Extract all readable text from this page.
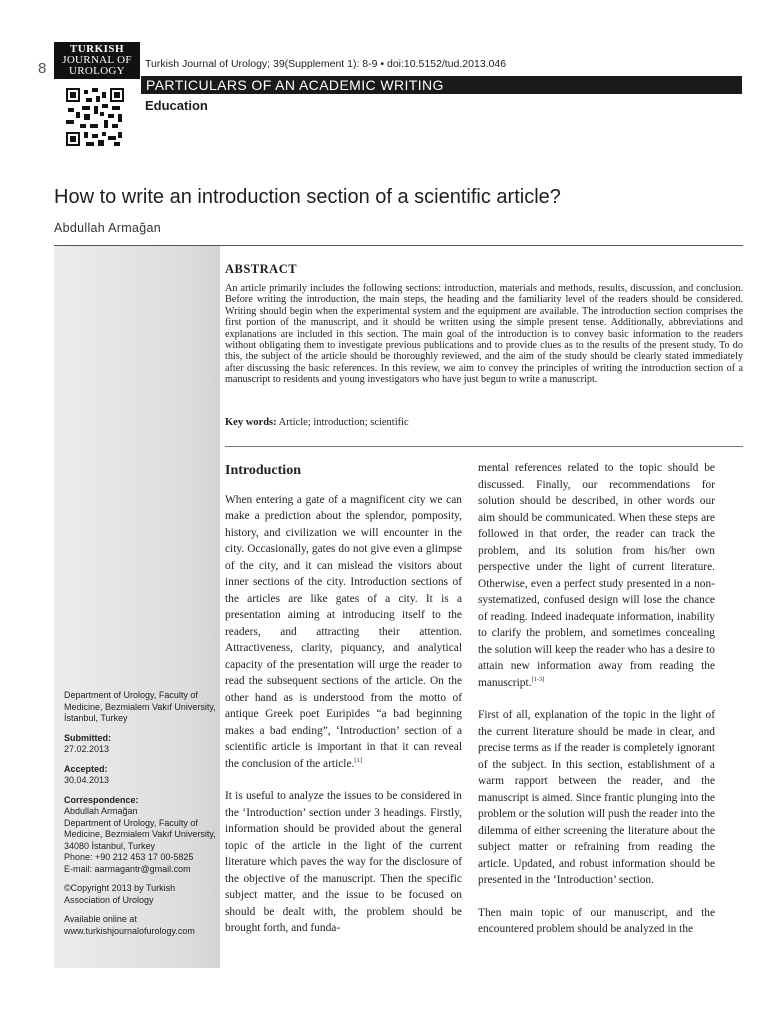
8
TURKISH
JOURNAL OF
UROLOGY
Turkish Journal of Urology; 39(Supplement 1): 8-9 • doi:10.5152/tud.2013.046
PARTICULARS OF AN ACADEMIC WRITING
Education
How to write an introduction section of a scientific article?
Abdullah Armağan

Department of Urology, Faculty of Medicine, Bezmialem Vakıf University, İstanbul, Turkey

Submitted:
27.02.2013

Accepted:
30.04.2013

Correspondence:
Abdullah Armağan
Department of Urology, Faculty of Medicine, Bezmialem Vakıf University, 34080 İstanbul, Turkey
Phone: +90 212 453 17 00-5825
E-mail: aarmagantr@gmail.com

©Copyright 2013 by Turkish Association of Urology

Available online at
www.turkishjournalofurology.com

ABSTRACT

An article primarily includes the following sections: introduction, materials and methods, results, discussion, and conclusion. Before writing the introduction, the main steps, the heading and the familiarity level of the readers should be considered. Writing should begin when the experimental system and the equipment are available. The introduction section comprises the first portion of the manuscript, and it should be written using the simple present tense. Additionally, abbreviations and explanations are included in this section. The main goal of the introduction is to convey basic information to the readers without obligating them to investigate previous publications and to provide clues as to the results of the present study. To do this, the subject of the article should be thoroughly reviewed, and the aim of the study should be clearly stated immediately after discussing the basic references. In this review, we aim to convey the principles of writing the introduction section of a manuscript to residents and young investigators who have just begun to write a manuscript.

Key words: Article; introduction; scientific
Introduction

When entering a gate of a magnificent city we can make a prediction about the splendor, pomposity, history, and civilization we will encounter in the city. Occasionally, gates do not give even a glimpse of the city, and it can mislead the visitors about inner sections of the city. Introduction sections of the articles are like gates of a city. It is a presentation aiming at introducing itself to the readers, and attracting their attention. Attractiveness, clarity, piquancy, and analytical capacity of the presentation will urge the reader to read the subsequent sections of the article. On the other hand as is understood from the motto of antique Greek poet Euripides “a bad beginning makes a bad ending”, ‘Introduction’ section of a scientific article is important in that it can reveal the conclusion of the article.[1]

It is useful to analyze the issues to be considered in the ‘Introduction’ section under 3 headings. Firstly, information should be provided about the general topic of the article in the light of the current literature which paves the way for the disclosure of the objective of the manuscript. Then the specific subject matter, and the issue to be focused on should be dealt with, the problem should be brought forth, and funda-

mental references related to the topic should be discussed. Finally, our recommendations for solution should be described, in other words our aim should be communicated. When these steps are followed in that order, the reader can track the problem, and its solution from his/her own perspective under the light of current literature. Otherwise, even a perfect study presented in a non-systematized, confused design will lose the chance of reading. Indeed inadequate information, inability to clarify the problem, and sometimes concealing the solution will keep the reader who has a desire to attain new information away from reading the manuscript.[1-3]

First of all, explanation of the topic in the light of the current literature should be made in clear, and precise terms as if the reader is completely ignorant of the subject. In this section, establishment of a warm rapport between the reader, and the manuscript is aimed. Since frantic plunging into the problem or the solution will push the reader into the dilemma of either screening the literature about the subject matter or refraining from reading the article. Updated, and robust information should be presented in the ‘Introduction’ section.

Then main topic of our manuscript, and the encountered problem should be analyzed in the
